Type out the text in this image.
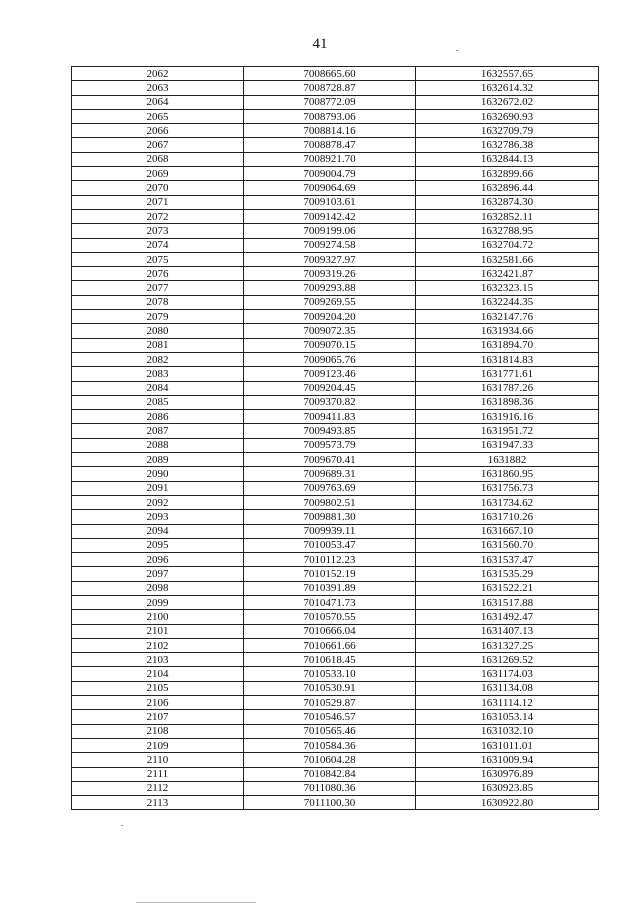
41
2062	7008665.60	1632557.65
2063	7008728.87	1632614.32
2064	7008772.09	1632672.02
2065	7008793.06	1632690.93
2066	7008814.16	1632709.79
2067	7008878.47	1632786.38
2068	7008921.70	1632844.13
2069	7009004.79	1632899.66
2070	7009064.69	1632896.44
2071	7009103.61	1632874.30
2072	7009142.42	1632852.11
2073	7009199.06	1632788.95
2074	7009274.58	1632704.72
2075	7009327.97	1632581.66
2076	7009319.26	1632421.87
2077	7009293.88	1632323.15
2078	7009269.55	1632244.35
2079	7009204.20	1632147.76
2080	7009072.35	1631934.66
2081	7009070.15	1631894.70
2082	7009065.76	1631814.83
2083	7009123.46	1631771.61
2084	7009204.45	1631787.26
2085	7009370.82	1631898.36
2086	7009411.83	1631916.16
2087	7009493.85	1631951.72
2088	7009573.79	1631947.33
2089	7009670.41	1631882
2090	7009689.31	1631860.95
2091	7009763.69	1631756.73
2092	7009802.51	1631734.62
2093	7009881.30	1631710.26
2094	7009939.11	1631667.10
2095	7010053.47	1631560.70
2096	7010112.23	1631537.47
2097	7010152.19	1631535.29
2098	7010391.89	1631522.21
2099	7010471.73	1631517.88
2100	7010570.55	1631492.47
2101	7010666.04	1631407.13
2102	7010661.66	1631327.25
2103	7010618.45	1631269.52
2104	7010533.10	1631174.03
2105	7010530.91	1631134.08
2106	7010529.87	1631114.12
2107	7010546.57	1631053.14
2108	7010565.46	1631032.10
2109	7010584.36	1631011.01
2110	7010604.28	1631009.94
2111	7010842.84	1630976.89
2112	7011080.36	1630923.85
2113	7011100.30	1630922.80
